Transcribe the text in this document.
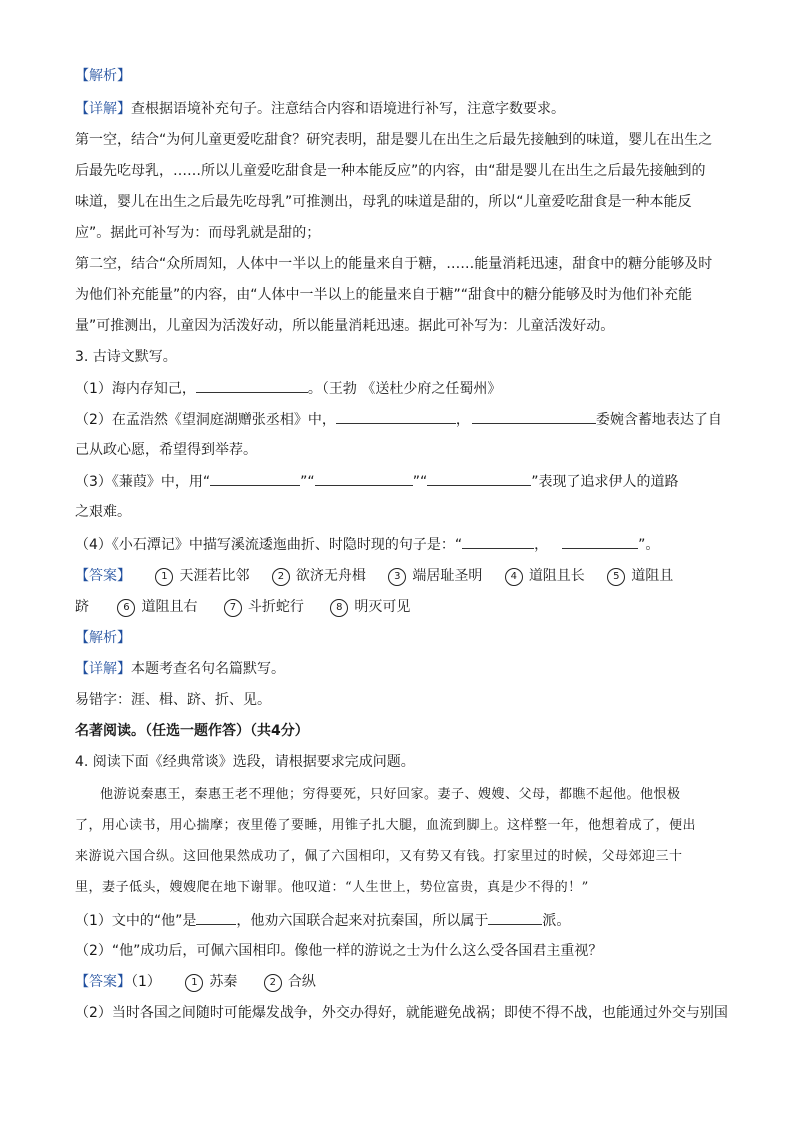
【解析】
【详解】查根据语境补充句子。注意结合内容和语境进行补写，注意字数要求。
第一空，结合“为何儿童更爱吃甜食？研究表明，甜是婴儿在出生之后最先接触到的味道，婴儿在出生之
后最先吃母乳，……所以儿童爱吃甜食是一种本能反应”的内容，由“甜是婴儿在出生之后最先接触到的
味道，婴儿在出生之后最先吃母乳”可推测出，母乳的味道是甜的，所以“儿童爱吃甜食是一种本能反
应”。据此可补写为：而母乳就是甜的；
第二空，结合“众所周知，人体中一半以上的能量来自于糖，……能量消耗迅速，甜食中的糖分能够及时
为他们补充能量”的内容，由“人体中一半以上的能量来自于糖”“甜食中的糖分能够及时为他们补充能
量”可推测出，儿童因为活泼好动，所以能量消耗迅速。据此可补写为：儿童活泼好动。
3. 古诗文默写。
（1）海内存知己，	。（王勃 《送杜少府之任蜀州》
（2）在孟浩然《望洞庭湖赠张丞相》中，	，	委婉含蓄地表达了自
己从政心愿，希望得到举荐。
（3）《蒹葭》中，用“	”“	”“	”表现了追求伊人的道路
之艰难。
（4）《小石潭记》中描写溪流逶迤曲折、时隐时现的句子是：“	，	”。
【答案】	1 天涯若比邻	2 欲济无舟楫	3 端居耻圣明	4 道阻且长	5 道阻且
跻	6 道阻且右	7 斗折蛇行	8 明灭可见
【解析】
【详解】本题考查名句名篇默写。
易错字：涯、楫、跻、折、见。
名著阅读。（任选一题作答）（共4分）
4. 阅读下面《经典常谈》选段，请根据要求完成问题。
他游说秦惠王，秦惠王老不理他；穷得要死，只好回家。妻子、嫂嫂、父母，都瞧不起他。他恨极
了，用心读书，用心揣摩；夜里倦了要睡，用锥子扎大腿，血流到脚上。这样整一年，他想着成了，便出
来游说六国合纵。这回他果然成功了，佩了六国相印，又有势又有钱。打家里过的时候，父母郊迎三十
里，妻子低头，嫂嫂爬在地下谢罪。他叹道：“人生世上，势位富贵，真是少不得的！”
（1）文中的“他”是	，他劝六国联合起来对抗秦国，所以属于	派。
（2）“他”成功后，可佩六国相印。像他一样的游说之士为什么这么受各国君主重视？
【答案】（1）	1 苏秦	2 合纵
（2）当时各国之间随时可能爆发战争，外交办得好，就能避免战祸；即使不得不战，也能通过外交与别国
